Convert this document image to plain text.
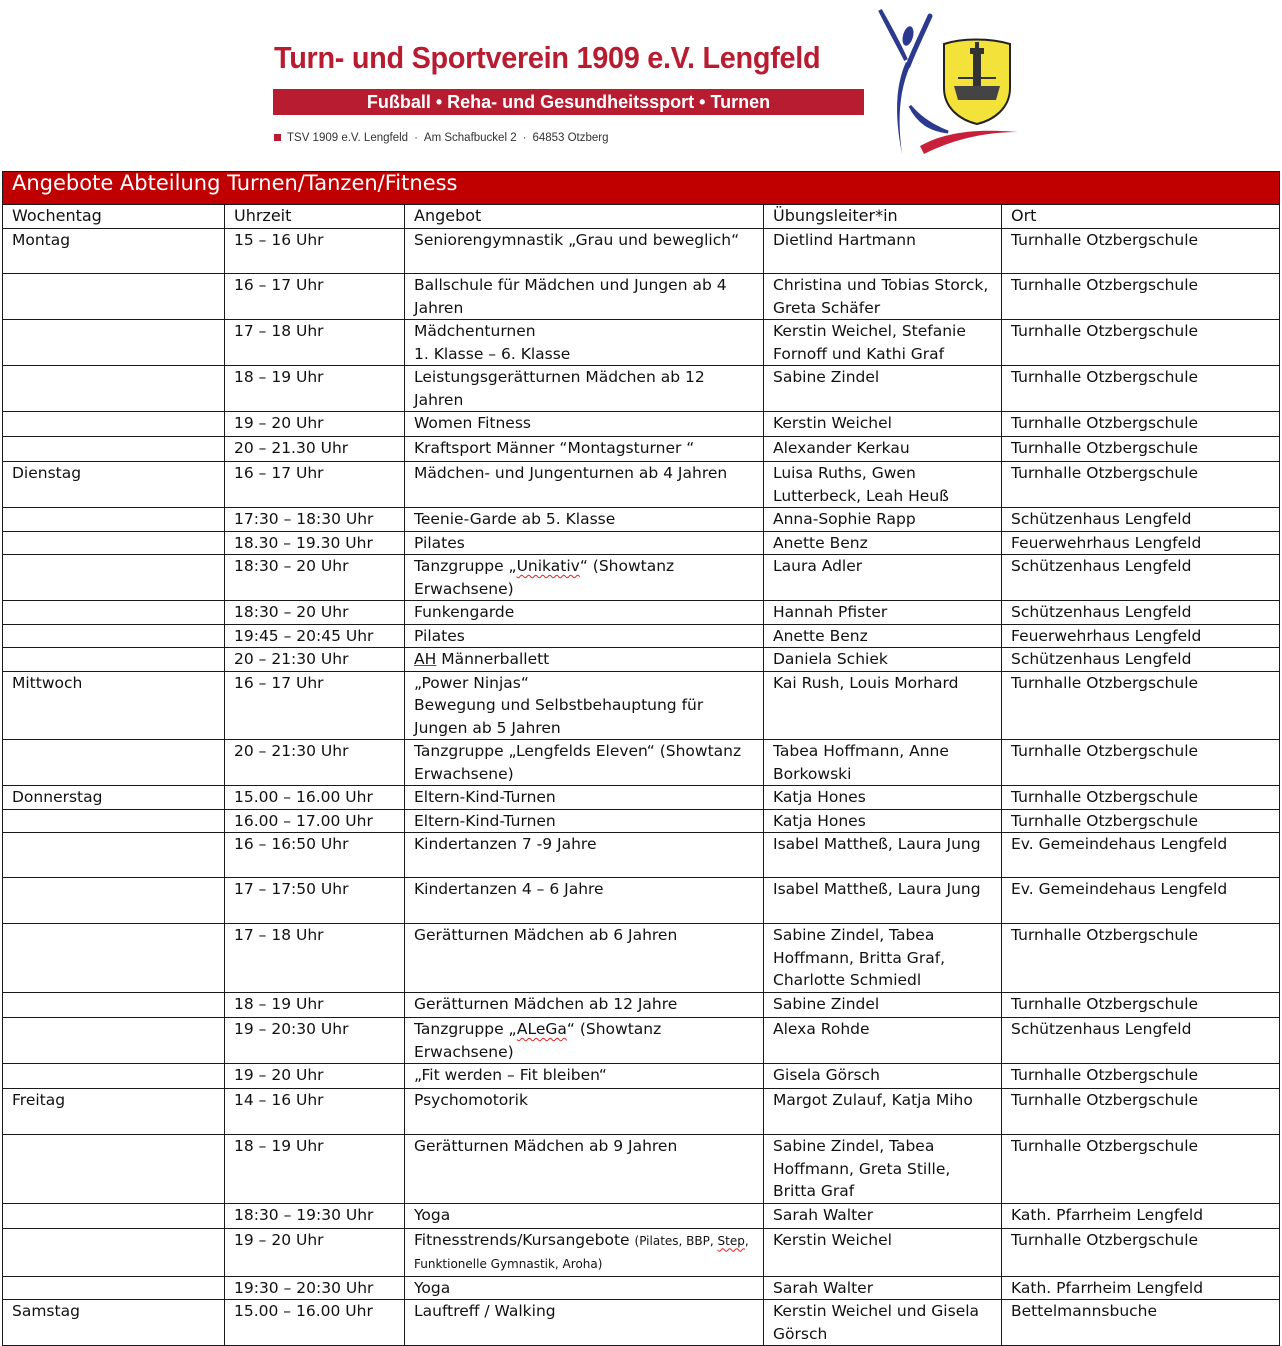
Turn- und Sportverein 1909 e.V. Lengfeld
Fußball • Reha- und Gesundheitssport • Turnen
TSV 1909 e.V. Lengfeld · Am Schafbuckel 2 · 64853 Otzberg
Angebote Abteilung Turnen/Tanzen/Fitness				
Wochentag	Uhrzeit	Angebot	Übungsleiter*in	Ort
Montag	15 – 16 Uhr	Seniorengymnastik „Grau und beweglich“	Dietlind Hartmann	Turnhalle Otzbergschule
	16 – 17 Uhr	Ballschule für Mädchen und Jungen ab 4 Jahren	Christina und Tobias Storck, Greta Schäfer	Turnhalle Otzbergschule
	17 – 18 Uhr	Mädchenturnen
1. Klasse – 6. Klasse	Kerstin Weichel, Stefanie Fornoff und Kathi Graf	Turnhalle Otzbergschule
	18 – 19 Uhr	Leistungsgerätturnen Mädchen ab 12 Jahren	Sabine Zindel	Turnhalle Otzbergschule
	19 – 20 Uhr	Women Fitness	Kerstin Weichel	Turnhalle Otzbergschule
	20 – 21.30 Uhr	Kraftsport Männer “Montagsturner “	Alexander Kerkau	Turnhalle Otzbergschule
Dienstag	16 – 17 Uhr	Mädchen- und Jungenturnen ab 4 Jahren	Luisa Ruths, Gwen Lutterbeck, Leah Heuß	Turnhalle Otzbergschule
	17:30 – 18:30 Uhr	Teenie-Garde ab 5. Klasse	Anna-Sophie Rapp	Schützenhaus Lengfeld
	18.30 – 19.30 Uhr	Pilates	Anette Benz	Feuerwehrhaus Lengfeld
	18:30 – 20 Uhr	Tanzgruppe „Unikativ“ (Showtanz Erwachsene)	Laura Adler	Schützenhaus Lengfeld
	18:30 – 20 Uhr	Funkengarde	Hannah Pfister	Schützenhaus Lengfeld
	19:45 – 20:45 Uhr	Pilates	Anette Benz	Feuerwehrhaus Lengfeld
	20 – 21:30 Uhr	AH Männerballett	Daniela Schiek	Schützenhaus Lengfeld
Mittwoch	16 – 17 Uhr	„Power Ninjas“
Bewegung und Selbstbehauptung für Jungen ab 5 Jahren	Kai Rush, Louis Morhard	Turnhalle Otzbergschule
	20 – 21:30 Uhr	Tanzgruppe „Lengfelds Eleven“ (Showtanz Erwachsene)	Tabea Hoffmann, Anne Borkowski	Turnhalle Otzbergschule
Donnerstag	15.00 – 16.00 Uhr	Eltern-Kind-Turnen	Katja Hones	Turnhalle Otzbergschule
	16.00 – 17.00 Uhr	Eltern-Kind-Turnen	Katja Hones	Turnhalle Otzbergschule
	16 – 16:50 Uhr	Kindertanzen 7 -9 Jahre	Isabel Mattheß, Laura Jung	Ev. Gemeindehaus Lengfeld
	17 – 17:50 Uhr	Kindertanzen 4 – 6 Jahre	Isabel Mattheß, Laura Jung	Ev. Gemeindehaus Lengfeld
	17 – 18 Uhr	Gerätturnen Mädchen ab 6 Jahren	Sabine Zindel, Tabea Hoffmann, Britta Graf, Charlotte Schmiedl	Turnhalle Otzbergschule
	18 – 19 Uhr	Gerätturnen Mädchen ab 12 Jahre	Sabine Zindel	Turnhalle Otzbergschule
	19 – 20:30 Uhr	Tanzgruppe „ALeGa“ (Showtanz Erwachsene)	Alexa Rohde	Schützenhaus Lengfeld
	19 – 20 Uhr	„Fit werden – Fit bleiben“	Gisela Görsch	Turnhalle Otzbergschule
Freitag	14 – 16 Uhr	Psychomotorik	Margot Zulauf, Katja Miho	Turnhalle Otzbergschule
	18 – 19 Uhr	Gerätturnen Mädchen ab 9 Jahren	Sabine Zindel, Tabea Hoffmann, Greta Stille, Britta Graf	Turnhalle Otzbergschule
	18:30 – 19:30 Uhr	Yoga	Sarah Walter	Kath. Pfarrheim Lengfeld
	19 – 20 Uhr	Fitnesstrends/Kursangebote (Pilates, BBP, Step, Funktionelle Gymnastik, Aroha)	Kerstin Weichel	Turnhalle Otzbergschule
	19:30 – 20:30 Uhr	Yoga	Sarah Walter	Kath. Pfarrheim Lengfeld
Samstag	15.00 – 16.00 Uhr	Lauftreff / Walking	Kerstin Weichel und Gisela Görsch	Bettelmannsbuche
